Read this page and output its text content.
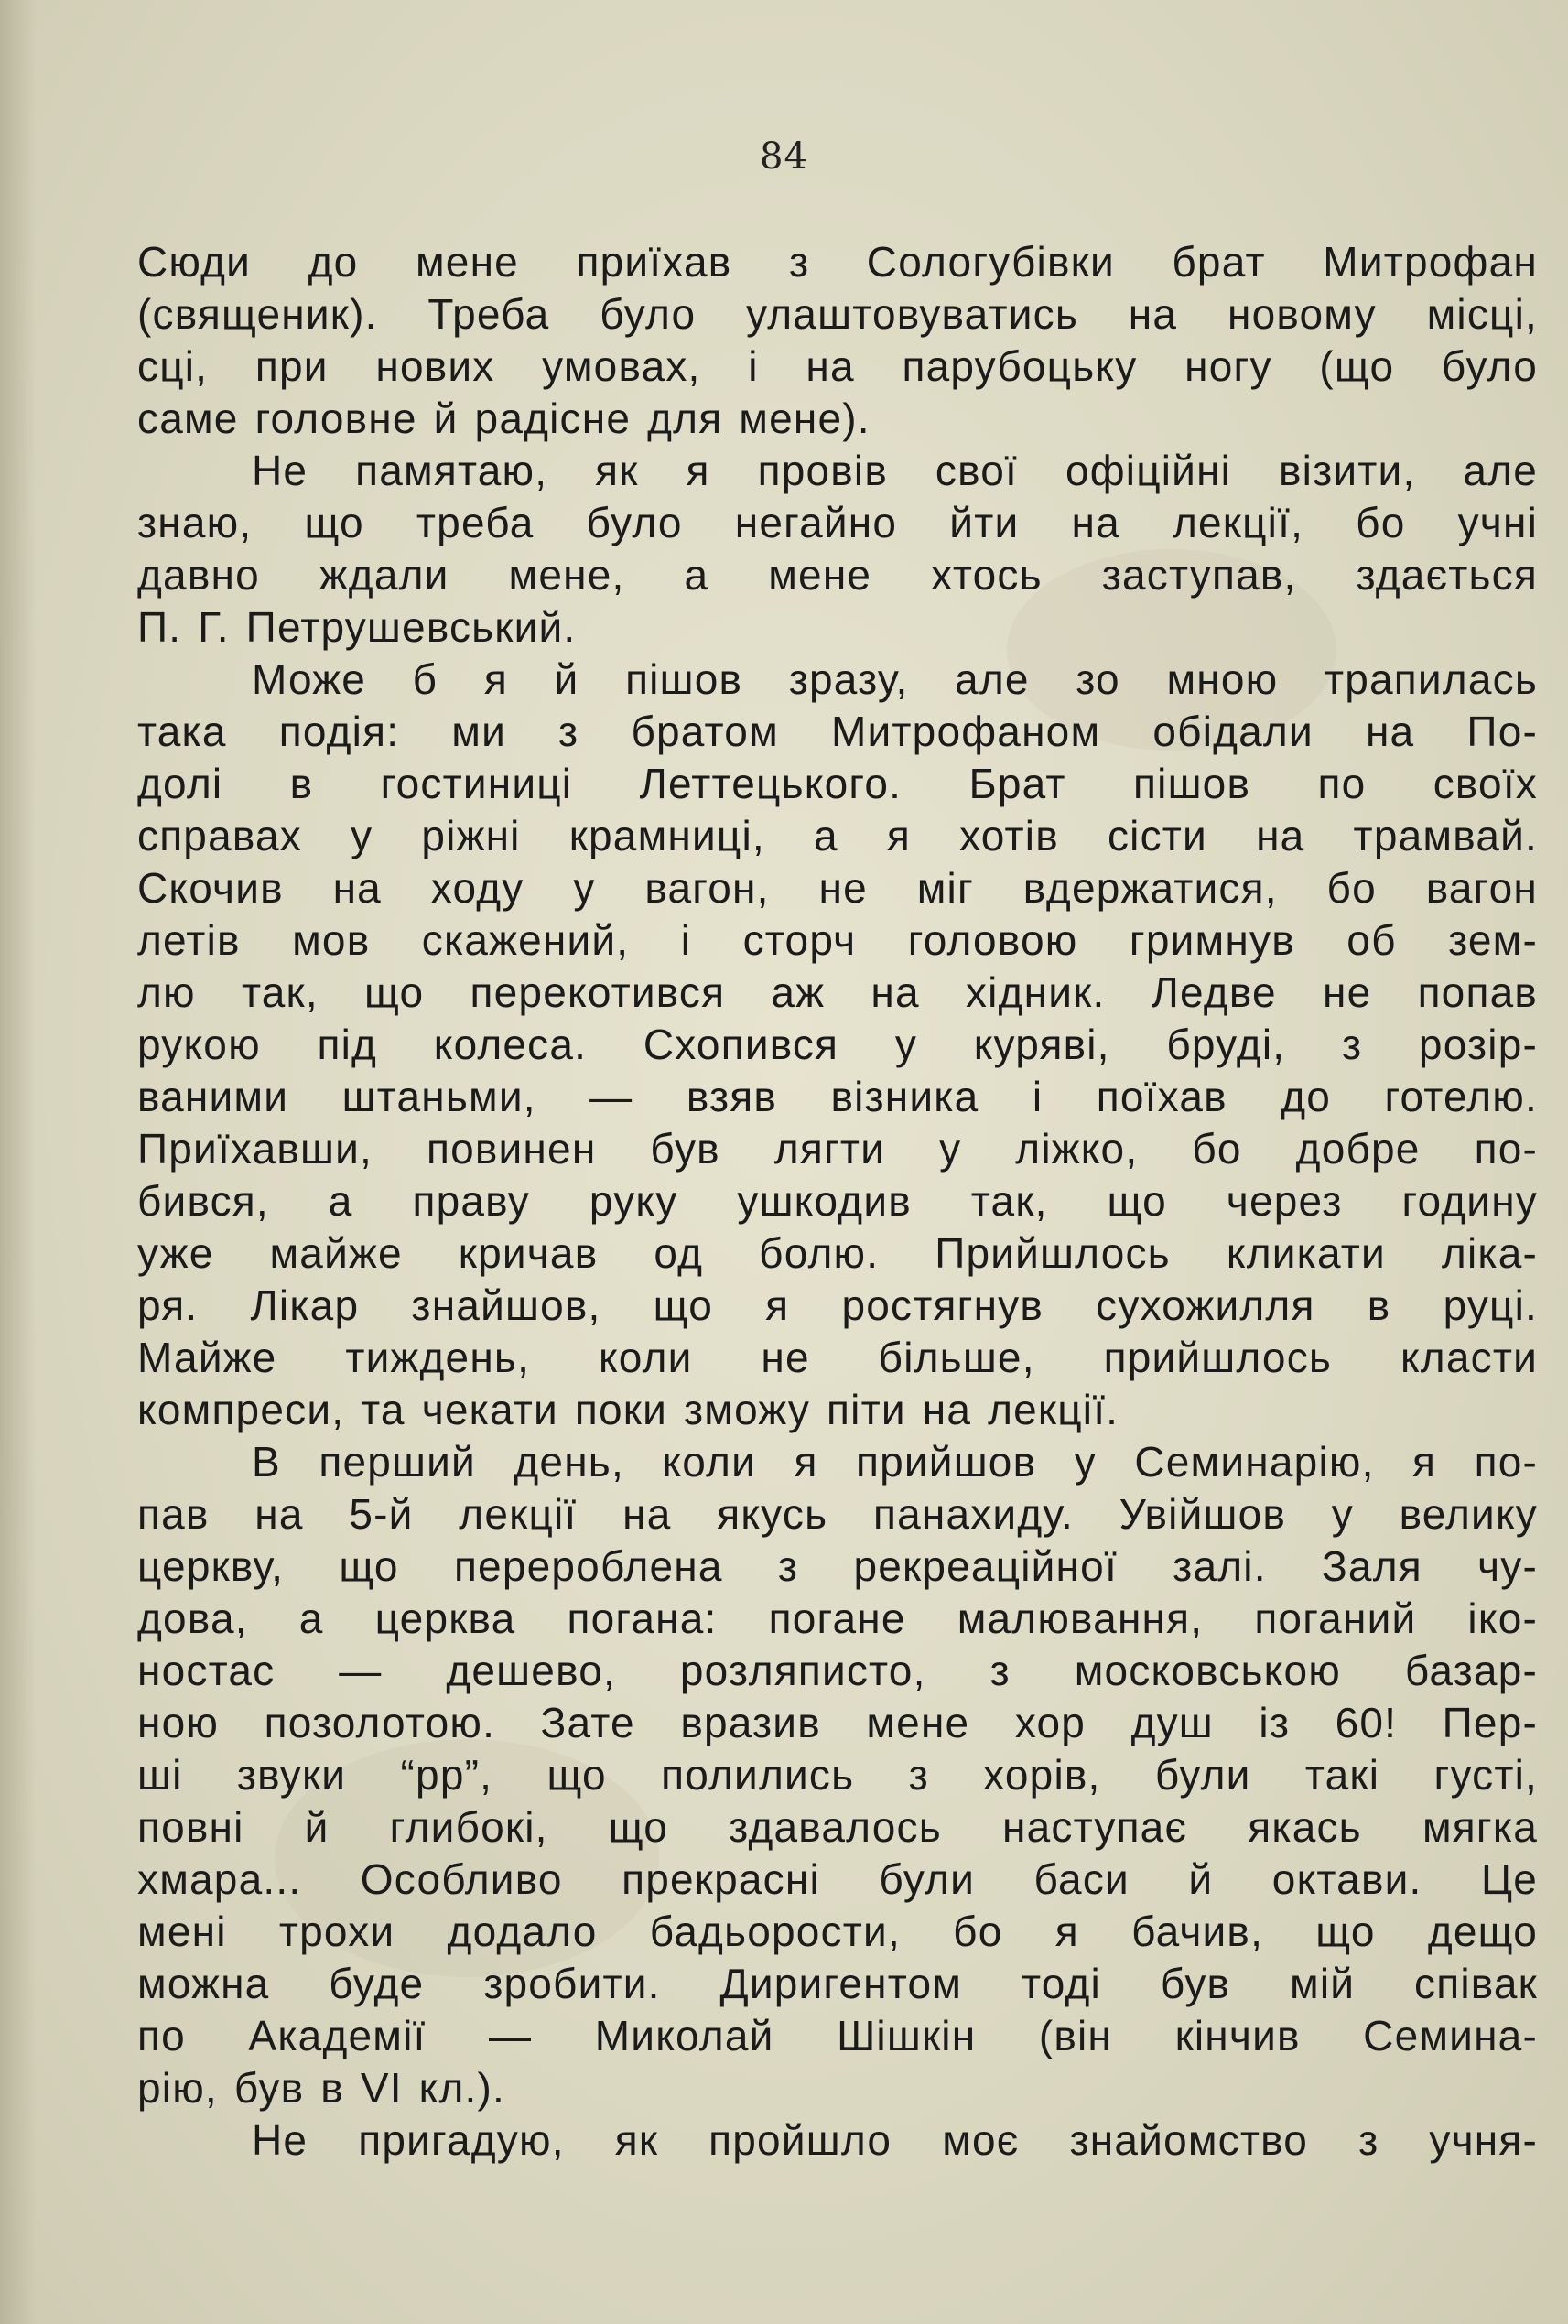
84
Сюди до мене приїхав з Сологубівки брат Митрофан
(священик). Треба було улаштовуватись на новому місці,
сці, при нових умовах, і на парубоцьку ногу (що було
саме головне й радісне для мене).
Не памятаю, як я провів свої офіційні візити, але
знаю, що треба було негайно йти на лекції, бо учні
давно ждали мене, а мене хтось заступав, здається
П. Г. Петрушевський.
Може б я й пішов зразу, але зо мною трапилась
така подія: ми з братом Митрофаном обідали на По-
долі в гостиниці Леттецького. Брат пішов по своїх
справах у ріжні крамниці, а я хотів сісти на трамвай.
Скочив на ходу у вагон, не міг вдержатися, бо вагон
летів мов скажений, і сторч головою гримнув об зем-
лю так, що перекотився аж на хідник. Ледве не попав
рукою під колеса. Схопився у куряві, бруді, з розір-
ваними штаньми, — взяв візника і поїхав до готелю.
Приїхавши, повинен був лягти у ліжко, бо добре по-
бився, а праву руку ушкодив так, що через годину
уже майже кричав од болю. Прийшлось кликати ліка-
ря. Лікар знайшов, що я ростягнув сухожилля в руці.
Майже тиждень, коли не більше, прийшлось класти
компреси, та чекати поки зможу піти на лекції.
В перший день, коли я прийшов у Семинарію, я по-
пав на 5-й лекції на якусь панахиду. Увійшов у велику
церкву, що перероблена з рекреаційної залі. Заля чу-
дова, а церква погана: погане малювання, поганий іко-
ностас — дешево, розляписто, з московською базар-
ною позолотою. Зате вразив мене хор душ із 60! Пер-
ші звуки “рр”, що полились з хорів, були такі густі,
повні й глибокі, що здавалось наступає якась мягка
хмара... Особливо прекрасні були баси й октави. Це
мені трохи додало бадьорости, бо я бачив, що дещо
можна буде зробити. Диригентом тоді був мій співак
по Академії — Миколай Шішкін (він кінчив Семина-
рію, був в VI кл.).
Не пригадую, як пройшло моє знайомство з учня-
